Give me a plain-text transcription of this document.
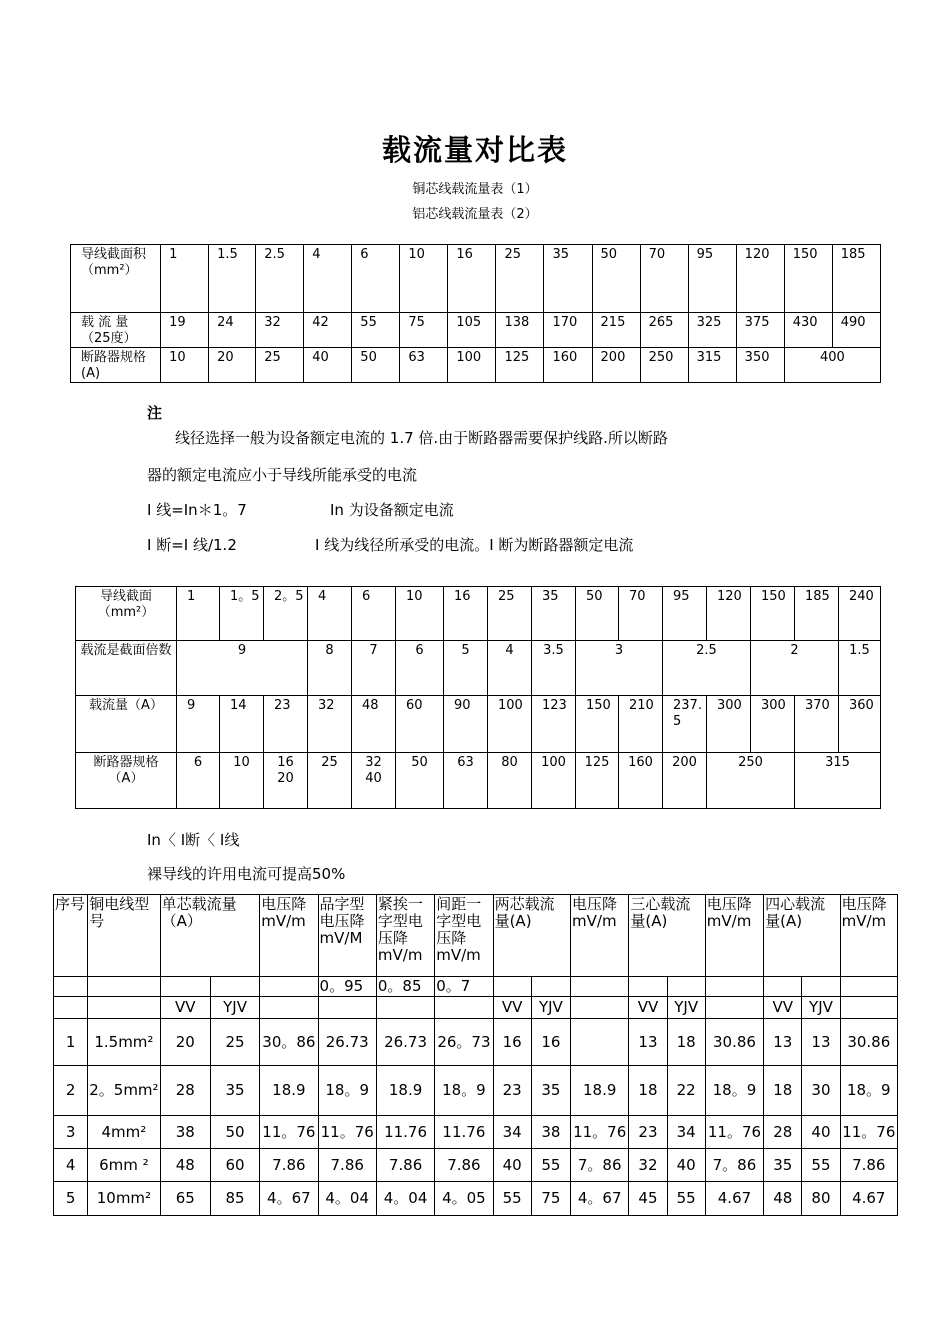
载流量对比表
铜芯线载流量表（1）
铝芯线载流量表（2）
导线截面积（mm²）	1	1.5	2.5	4	6	10	16	25	35	50	70	95	120	150	185
载 流 量（25度）	19	24	32	42	55	75	105	138	170	215	265	325	375	430	490
断路器规格(A)	10	20	25	40	50	63	100	125	160	200	250	315	350	400	
注
线径选择一般为设备额定电流的 1.7 倍.由于断路器需要保护线路.所以断路
器的额定电流应小于导线所能承受的电流
I 线=In＊1。7	In 为设备额定电流
I 断=I 线/1.2	I 线为线径所承受的电流。I 断为断路器额定电流
导线截面（mm²）	1	1。5	2。5	4	6	10	16	25	35	50	70	95	120	150	185	240
载流是截面倍数	9			8	7	6	5	4	3.5	3		2.5		2		1.5
载流量（A）	9	14	23	32	48	60	90	100	123	150	210	237.5	300	300	370	360
断路器规格（A）	6	10	16 20	25	32 40	50	63	80	100	125	160	200	250		315	
In〈 I断〈 I线
裸导线的许用电流可提高50%
序号	铜电线型号	单芯载流量（A）		电压降mV/m	品字型电压降mV/M	紧挨一字型电压降mV/m	间距一字型电压降mV/m	两芯载流量(A)		电压降mV/m	三心载流量(A)		电压降mV/m	四心载流量(A)		电压降mV/m
					0。95	0。85	0。7									
		VV	YJV					VV	YJV		VV	YJV		VV	YJV	
1	1.5mm²	20	25	30。86	26.73	26.73	26。73	16	16		13	18	30.86	13	13	30.86
2	2。5mm²	28	35	18.9	18。9	18.9	18。9	23	35	18.9	18	22	18。9	18	30	18。9
3	4mm²	38	50	11。76	11。76	11.76	11.76	34	38	11。76	23	34	11。76	28	40	11。76
4	6mm ²	48	60	7.86	7.86	7.86	7.86	40	55	7。86	32	40	7。86	35	55	7.86
5	10mm²	65	85	4。67	4。04	4。04	4。05	55	75	4。67	45	55	4.67	48	80	4.67
